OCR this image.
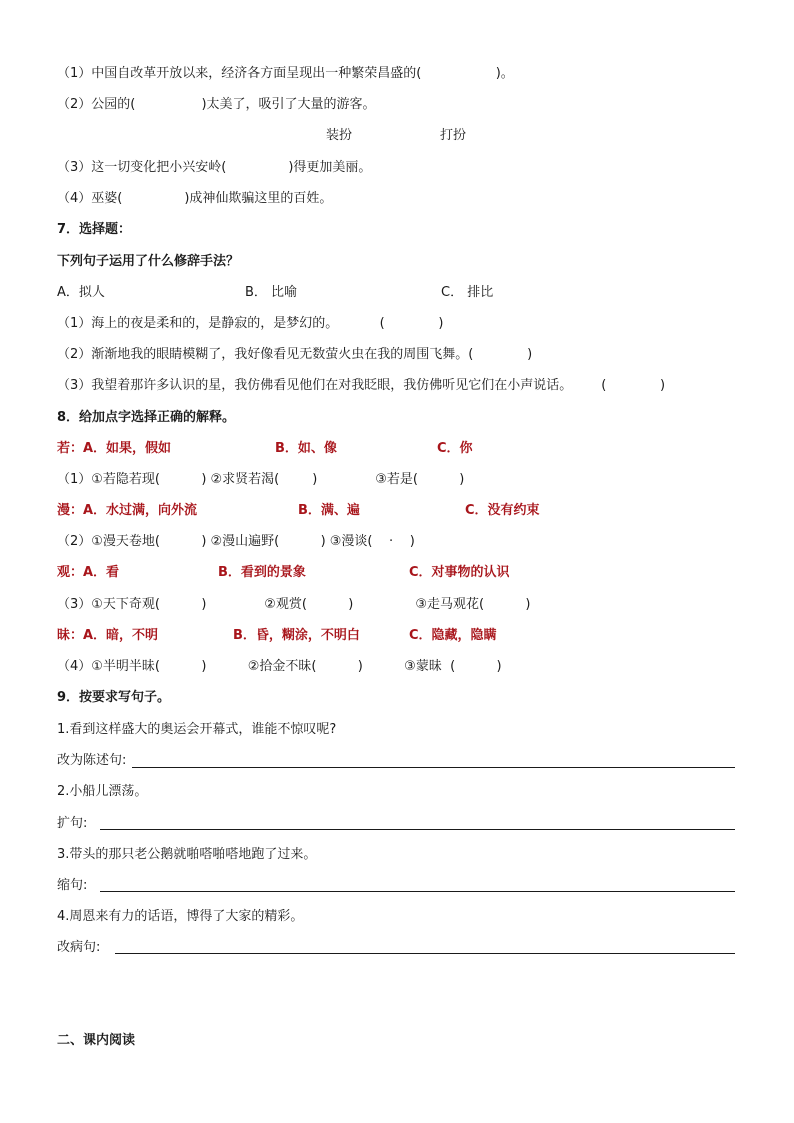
（1）中国自改革开放以来，经济各方面呈现出一种繁荣昌盛的(                  )。
（2）公园的(                )太美了，吸引了大量的游客。
装扮	打扮
（3）这一切变化把小兴安岭(               )得更加美丽。
（4）巫婆(               )成神仙欺骗这里的百姓。
7．选择题：
下列句子运用了什么修辞手法？
A．拟人	B． 比喻	C． 排比
（1）海上的夜是柔和的，是静寂的，是梦幻的。          (             )
（2）渐渐地我的眼睛模糊了，我好像看见无数萤火虫在我的周围飞舞。(             )
（3）我望着那许多认识的星，我仿佛看见他们在对我眨眼，我仿佛听见它们在小声说话。       (             )
8．给加点字选择正确的解释。
若：A．如果，假如	B．如、像	C．你
（1）①若隐若现(          ) ②求贤若渴(        )              ③若是(          )
漫：A．水过满，向外流	B．满、遍	C．没有约束
（2）①漫天卷地(          ) ②漫山遍野(          ) ③漫谈(    ·    )
观：A．看	B．看到的景象	C．对事物的认识
（3）①天下奇观(          )              ②观赏(          )               ③走马观花(          )
昧：A．暗，不明	B．昏，糊涂，不明白	C．隐藏，隐瞒
（4）①半明半昧(          )          ②拾金不昧(          )          ③蒙昧  (          )
9．按要求写句子。
1.看到这样盛大的奥运会开幕式，谁能不惊叹呢?
改为陈述句:
2.小船儿漂荡。
扩句:
3.带头的那只老公鹅就啪嗒啪嗒地跑了过来。
缩句:
4.周恩来有力的话语，博得了大家的精彩。
改病句:
二、课内阅读
